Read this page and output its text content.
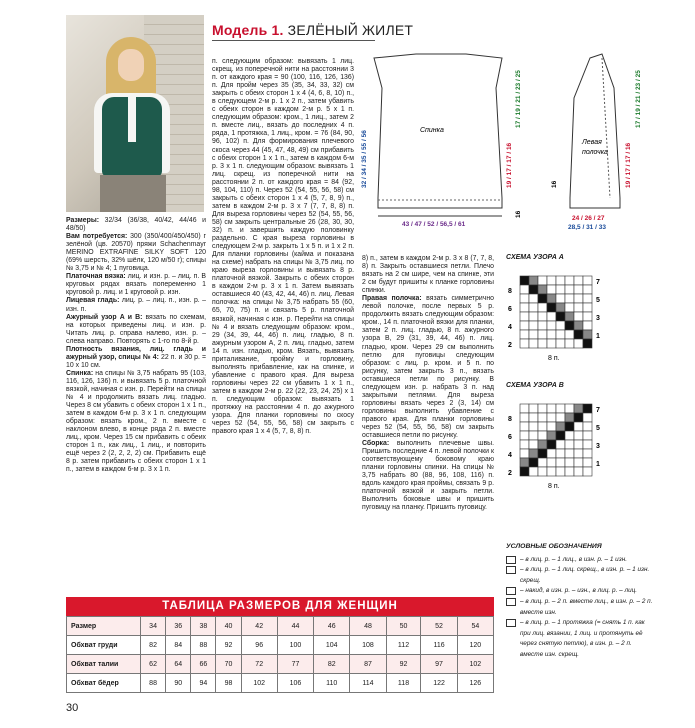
Модель 1. ЗЕЛЁНЫЙ ЖИЛЕТ

Размеры: 32/34 (36/38, 40/42, 44/46 и 48/50)

Вам потребуется: 300 (350/400/450/450) г зелёной (цв. 20570) пряжи Schachenmayr MERINO EXTRAFINE SILKY SOFT 120 (69% шерсть, 32% шёлк, 120 м/50 г); спицы № 3,75 и № 4; 1 пуговица.

Платочная вязка: лиц. и изн. р. – лиц. п. В круговых рядах вязать попеременно 1 круговой р. лиц. и 1 круговой р. изн.

Лицевая гладь: лиц. р. – лиц. п., изн. р. – изн. п.

Ажурный узор А и В: вязать по схемам, на которых приведены лиц. и изн. р. Читать лиц. р. справа налево, изн. р. – слева направо. Повторять с 1-го по 8-й р.

Плотность вязания, лиц. гладь и ажурный узор, спицы № 4: 22 п. и 30 р. = 10 х 10 см.

Спинка: на спицы № 3,75 набрать 95 (103, 116, 126, 136) п. и вывязать 5 р. платочной вязкой, начиная с изн. р. Перейти на спицы № 4 и продолжить вязать лиц. гладью. Через 8 см убавить с обеих сторон 1 х 1 п., затем в каждом 6-м р. 3 х 1 п. следующим образом: вязать кром., 2 п. вместе с наклоном влево, в конце ряда 2 п. вместе лиц., кром. Через 15 см прибавить с обеих сторон 1 п., как лиц., 1 лиц., и повторить ещё через 2 (2, 2, 2, 2) см. Прибавить ещё 8 р. затем прибавить с обеих сторон 1 х 1 п., затем в каждом 6-м р. 3 х 1 п.

п. следующим образом: вывязать 1 лиц. скрещ. из поперечной нити на расстоянии 3 п. от каждого края = 90 (100, 116, 126, 136) п. Для пройм через 35 (35, 34, 33, 32) см закрыть с обеих сторон 1 х 4 (4, 6, 8, 10) п., в следующем 2-м р. 1 х 2 п., затем убавить с обеих сторон в каждом 2-м р. 5 х 1 п. следующим образом: кром., 1 лиц., затем 2 п. вместе лиц., вязать до последних 4 п. ряда, 1 протяжка, 1 лиц., кром. = 76 (84, 90, 96, 102) п. Для формирования плечевого скоса через 44 (45, 47, 48, 49) см прибавить с обеих сторон 1 х 1 п., затем в каждом 6-м р. 3 х 1 п. следующим образом: вывязать 1 лиц. скрещ. из поперечной нити на расстоянии 2 п. от каждого края = 84 (92, 98, 104, 110) п. Через 52 (54, 55, 56, 58) см закрыть с обеих сторон 1 х 4 (5, 7, 8, 9) п., затем в каждом 2-м р. 3 х 7 (7, 7, 8, 8) п. Для выреза горловины через 52 (54, 55, 56, 58) см закрыть центральные 26 (28, 30, 30, 32) п. и завершить каждую половинку раздельно. С края выреза горловины в следующем 2-м р. закрыть 1 х 5 п. и 1 х 2 п. Для планки горловины (кайма и показана на схеме) набрать на спицы № 3,75 лиц. по краю выреза горловины и вывязать 8 р. платочной вязкой. Закрыть с обеих сторон в каждом 2-м р. 3 х 1 п. Затем вывязать оставшиеся 40 (43, 42, 44, 46) п. лиц. Левая полочка: на спицы № 3,75 набрать 55 (60, 65, 70, 75) п. и связать 5 р. платочной вязкой, начиная с изн. р. Перейти на спицы № 4 и вязать следующим образом: кром., 29 (34, 39, 44, 46) п. лиц. гладью, 8 п. ажурным узором А, 2 п. лиц. гладью, затем 14 п. изн. гладью, кром. Вязать, вывязать приталивание, пройму и горловину, выполнять прибавление, как на спинке, и убавление с правого края. Для выреза горловины через 22 см убавить 1 х 1 п., затем в каждом 2-м р. 22 (22, 23, 24, 25) х 1 п. следующим образом: вывязать 1 протяжку на расстоянии 4 п. до ажурного узора. Для планки горловины по скосу через 52 (54, 55, 56, 58) см закрыть с правого края 1 х 4 (5, 7, 8, 8) п.

8) п., затем в каждом 2-м р. 3 х 8 (7, 7, 8, 8) п. Закрыть оставшиеся петли. Плечо вязать на 2 см шире, чем на спинке, эти 2 см будут пришиты к планке горловины спинки.

Правая полочка: вязать симметрично левой полочке, после первых 5 р. продолжить вязать следующим образом: кром., 14 п. платочной вязки для планки, затем 2 п. лиц. гладью, 8 п. ажурного узора В, 29 (31, 39, 44, 46) п. лиц. гладью, кром. Через 29 см выполнить петлю для пуговицы следующим образом: с лиц. р. кром. и 5 п. по рисунку, затем закрыть 3 п., вязать оставшиеся петли по рисунку. В следующем изн. р. набрать 3 п. над закрытыми петлями. Для выреза горловины вязать через 2 (3, 14) см горловины выполнить убавление с правого края. Для планки горловины через 52 (54, 55, 56, 58) см закрыть оставшиеся петли по рисунку.

Сборка: выполнить плечевые швы. Пришить последние 4 п. левой полочки к соответствующему боковому краю планки горловины спинки. На спицы № 3,75 набрать 80 (88, 96, 108, 116) п. вдоль каждого края проймы, связать 9 р. платочной вязкой и закрыть петли. Выполнить боковые швы и пришить пуговицу на планку. Пришить пуговицу.

Спинка
43 / 47 / 52 / 56,5 / 61
32 / 34 / 35 / 55 / 56
17 / 19 / 21 / 23 / 25
19 / 17 / 17 / 16
16
Левая
полочка
24 / 26 / 27
28,5 / 31 / 33
17 / 19 / 21 / 23 / 25
19 / 17 / 17 / 16
16
СХЕМА УЗОРА А
7
5
3
1
8
6
4
2
8 п.
СХЕМА УЗОРА В
7
5
3
1
8
6
4
2
8 п.
УСЛОВНЫЕ ОБОЗНАЧЕНИЯ
– в лиц. р. – 1 лиц., в изн. р. – 1 изн.
– в лиц. р. – 1 лиц. скрещ., в изн. р. – 1 изн. скрещ.
– накид, в изн. р. – изн., в лиц. р. – лиц.
– в лиц. р. – 2 п. вместе лиц., в изн. р. – 2 п. вместе изн.
– в лиц. р. – 1 протяжка (= снять 1 п. как при лиц. вязании, 1 лиц. и протянуть её через снятую петлю), в изн. р. – 2 п. вместе изн. скрещ.
ТАБЛИЦА РАЗМЕРОВ ДЛЯ ЖЕНЩИН
Размер	34	36	38	40	42	44	46	48	50	52	54
Обхват груди	82	84	88	92	96	100	104	108	112	116	120
Обхват талии	62	64	66	70	72	77	82	87	92	97	102
Обхват бёдер	88	90	94	98	102	106	110	114	118	122	126
30
